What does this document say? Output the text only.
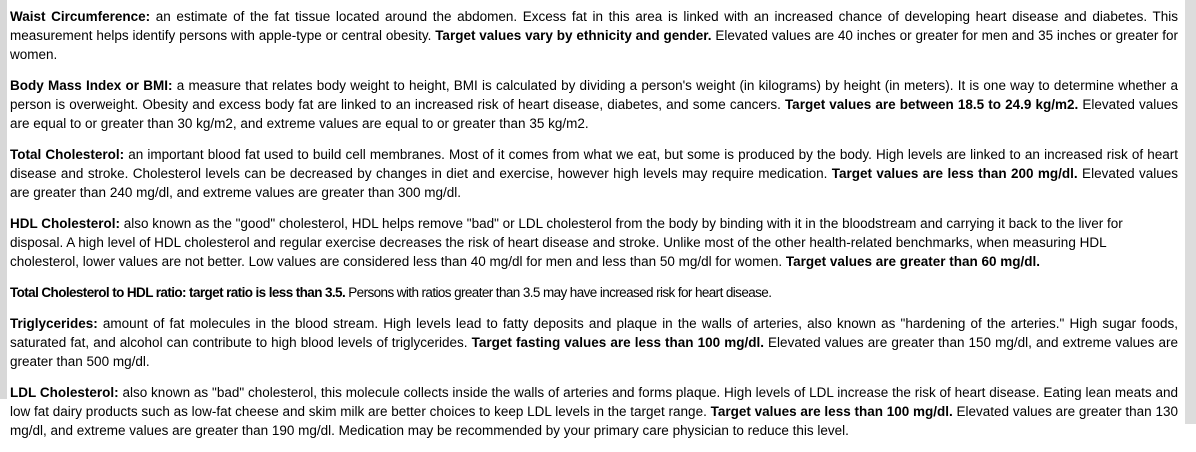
Waist Circumference: an estimate of the fat tissue located around the abdomen. Excess fat in this area is linked with an increased chance of developing heart disease and diabetes. This measurement helps identify persons with apple-type or central obesity. Target values vary by ethnicity and gender. Elevated values are 40 inches or greater for men and 35 inches or greater for women.

Body Mass Index or BMI: a measure that relates body weight to height, BMI is calculated by dividing a person's weight (in kilograms) by height (in meters). It is one way to determine whether a person is overweight. Obesity and excess body fat are linked to an increased risk of heart disease, diabetes, and some cancers. Target values are between 18.5 to 24.9 kg/m2. Elevated values are equal to or greater than 30 kg/m2, and extreme values are equal to or greater than 35 kg/m2.

Total Cholesterol: an important blood fat used to build cell membranes. Most of it comes from what we eat, but some is produced by the body. High levels are linked to an increased risk of heart disease and stroke. Cholesterol levels can be decreased by changes in diet and exercise, however high levels may require medication. Target values are less than 200 mg/dl. Elevated values are greater than 240 mg/dl, and extreme values are greater than 300 mg/dl.

HDL Cholesterol: also known as the "good" cholesterol, HDL helps remove "bad" or LDL cholesterol from the body by binding with it in the bloodstream and carrying it back to the liver for disposal. A high level of HDL cholesterol and regular exercise decreases the risk of heart disease and stroke. Unlike most of the other health-related benchmarks, when measuring HDL cholesterol, lower values are not better. Low values are considered less than 40 mg/dl for men and less than 50 mg/dl for women. Target values are greater than 60 mg/dl.

Total Cholesterol to HDL ratio: target ratio is less than 3.5. Persons with ratios greater than 3.5 may have increased risk for heart disease.

Triglycerides: amount of fat molecules in the blood stream. High levels lead to fatty deposits and plaque in the walls of arteries, also known as "hardening of the arteries." High sugar foods, saturated fat, and alcohol can contribute to high blood levels of triglycerides. Target fasting values are less than 100 mg/dl. Elevated values are greater than 150 mg/dl, and extreme values are greater than 500 mg/dl.

LDL Cholesterol: also known as "bad" cholesterol, this molecule collects inside the walls of arteries and forms plaque. High levels of LDL increase the risk of heart disease. Eating lean meats and low fat dairy products such as low-fat cheese and skim milk are better choices to keep LDL levels in the target range. Target values are less than 100 mg/dl. Elevated values are greater than 130 mg/dl, and extreme values are greater than 190 mg/dl. Medication may be recommended by your primary care physician to reduce this level.
